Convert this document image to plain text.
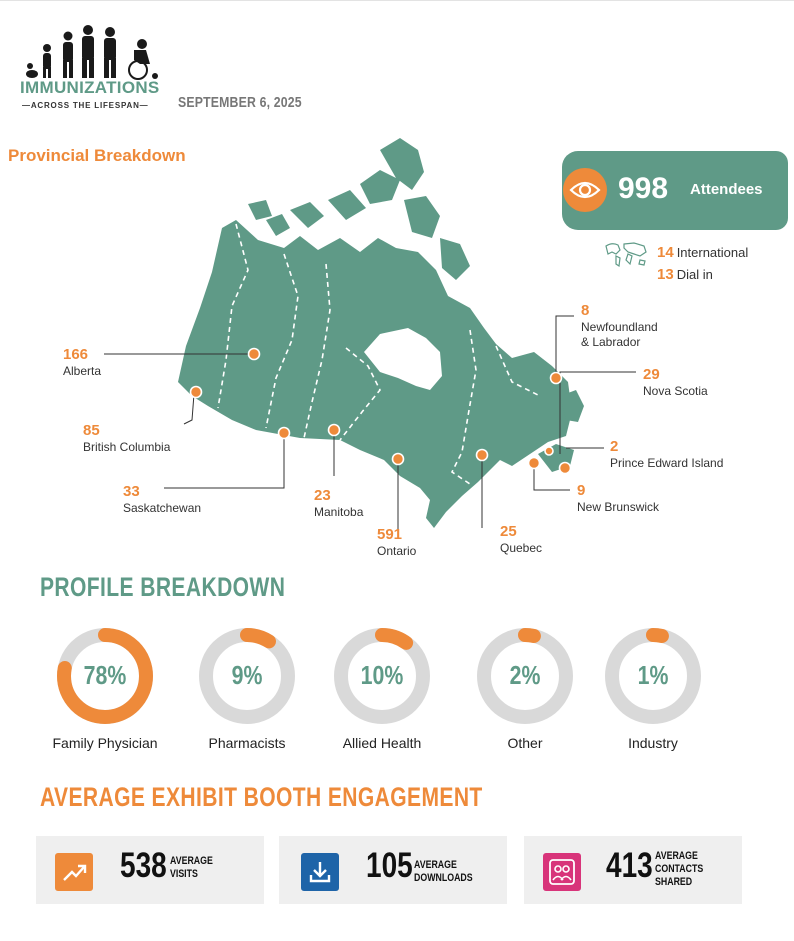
IMMUNIZATIONS
—ACROSS THE LIFESPAN—	SEPTEMBER 6, 2025
Provincial Breakdown
166
Alberta
85
British Columbia
33
Saskatchewan
23
Manitoba
591
Ontario
25
Quebec
8
Newfoundland
& Labrador
29
Nova Scotia
2
Prince Edward Island
9
New Brunswick
998 Attendees
14 International
13 Dial in
PROFILE BREAKDOWN
78%
Family Physician
9%
Pharmacists
10%
Allied Health
2%
Other
1%
Industry
AVERAGE EXHIBIT BOOTH ENGAGEMENT
538 AVERAGE
VISITS	105 AVERAGE
DOWNLOADS	413 AVERAGE
CONTACTS
SHARED
